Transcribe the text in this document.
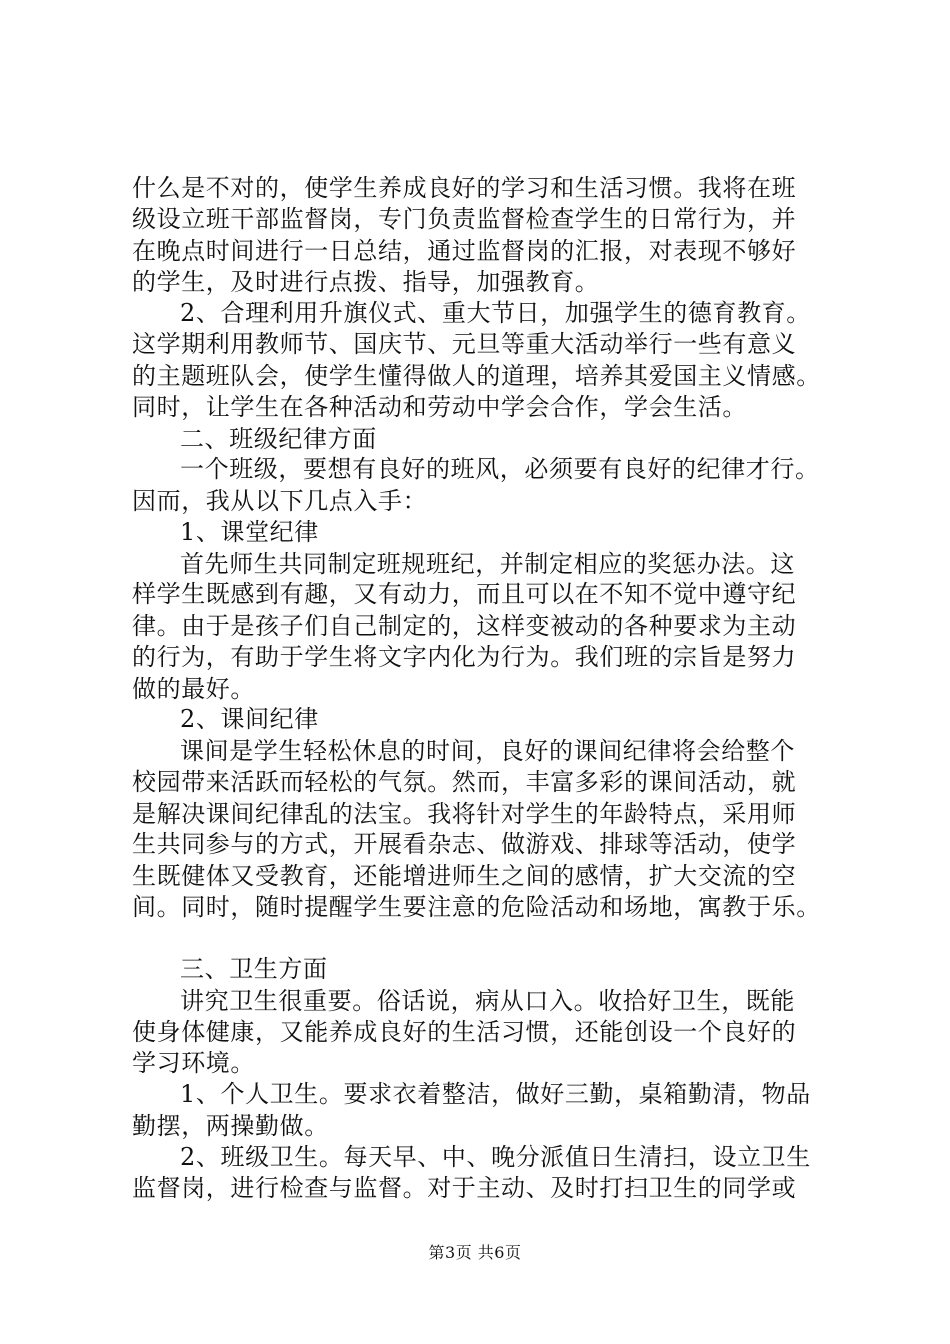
什么是不对的，使学生养成良好的学习和生活习惯。我将在班
级设立班干部监督岗，专门负责监督检查学生的日常行为，并
在晚点时间进行一日总结，通过监督岗的汇报，对表现不够好
的学生，及时进行点拨、指导，加强教育。
2、合理利用升旗仪式、重大节日，加强学生的德育教育。
这学期利用教师节、国庆节、元旦等重大活动举行一些有意义
的主题班队会，使学生懂得做人的道理，培养其爱国主义情感。
同时，让学生在各种活动和劳动中学会合作，学会生活。
二、班级纪律方面
一个班级，要想有良好的班风，必须要有良好的纪律才行。
因而，我从以下几点入手：
1、课堂纪律
首先师生共同制定班规班纪，并制定相应的奖惩办法。这
样学生既感到有趣，又有动力，而且可以在不知不觉中遵守纪
律。由于是孩子们自己制定的，这样变被动的各种要求为主动
的行为，有助于学生将文字内化为行为。我们班的宗旨是努力
做的最好。
2、课间纪律
课间是学生轻松休息的时间，良好的课间纪律将会给整个
校园带来活跃而轻松的气氛。然而，丰富多彩的课间活动，就
是解决课间纪律乱的法宝。我将针对学生的年龄特点，采用师
生共同参与的方式，开展看杂志、做游戏、排球等活动，使学
生既健体又受教育，还能增进师生之间的感情，扩大交流的空
间。同时，随时提醒学生要注意的危险活动和场地，寓教于乐。
三、卫生方面
讲究卫生很重要。俗话说，病从口入。收拾好卫生，既能
使身体健康，又能养成良好的生活习惯，还能创设一个良好的
学习环境。
1、个人卫生。要求衣着整洁，做好三勤，桌箱勤清，物品
勤摆，两操勤做。
2、班级卫生。每天早、中、晚分派值日生清扫，设立卫生
监督岗，进行检查与监督。对于主动、及时打扫卫生的同学或
第3页 共6页
